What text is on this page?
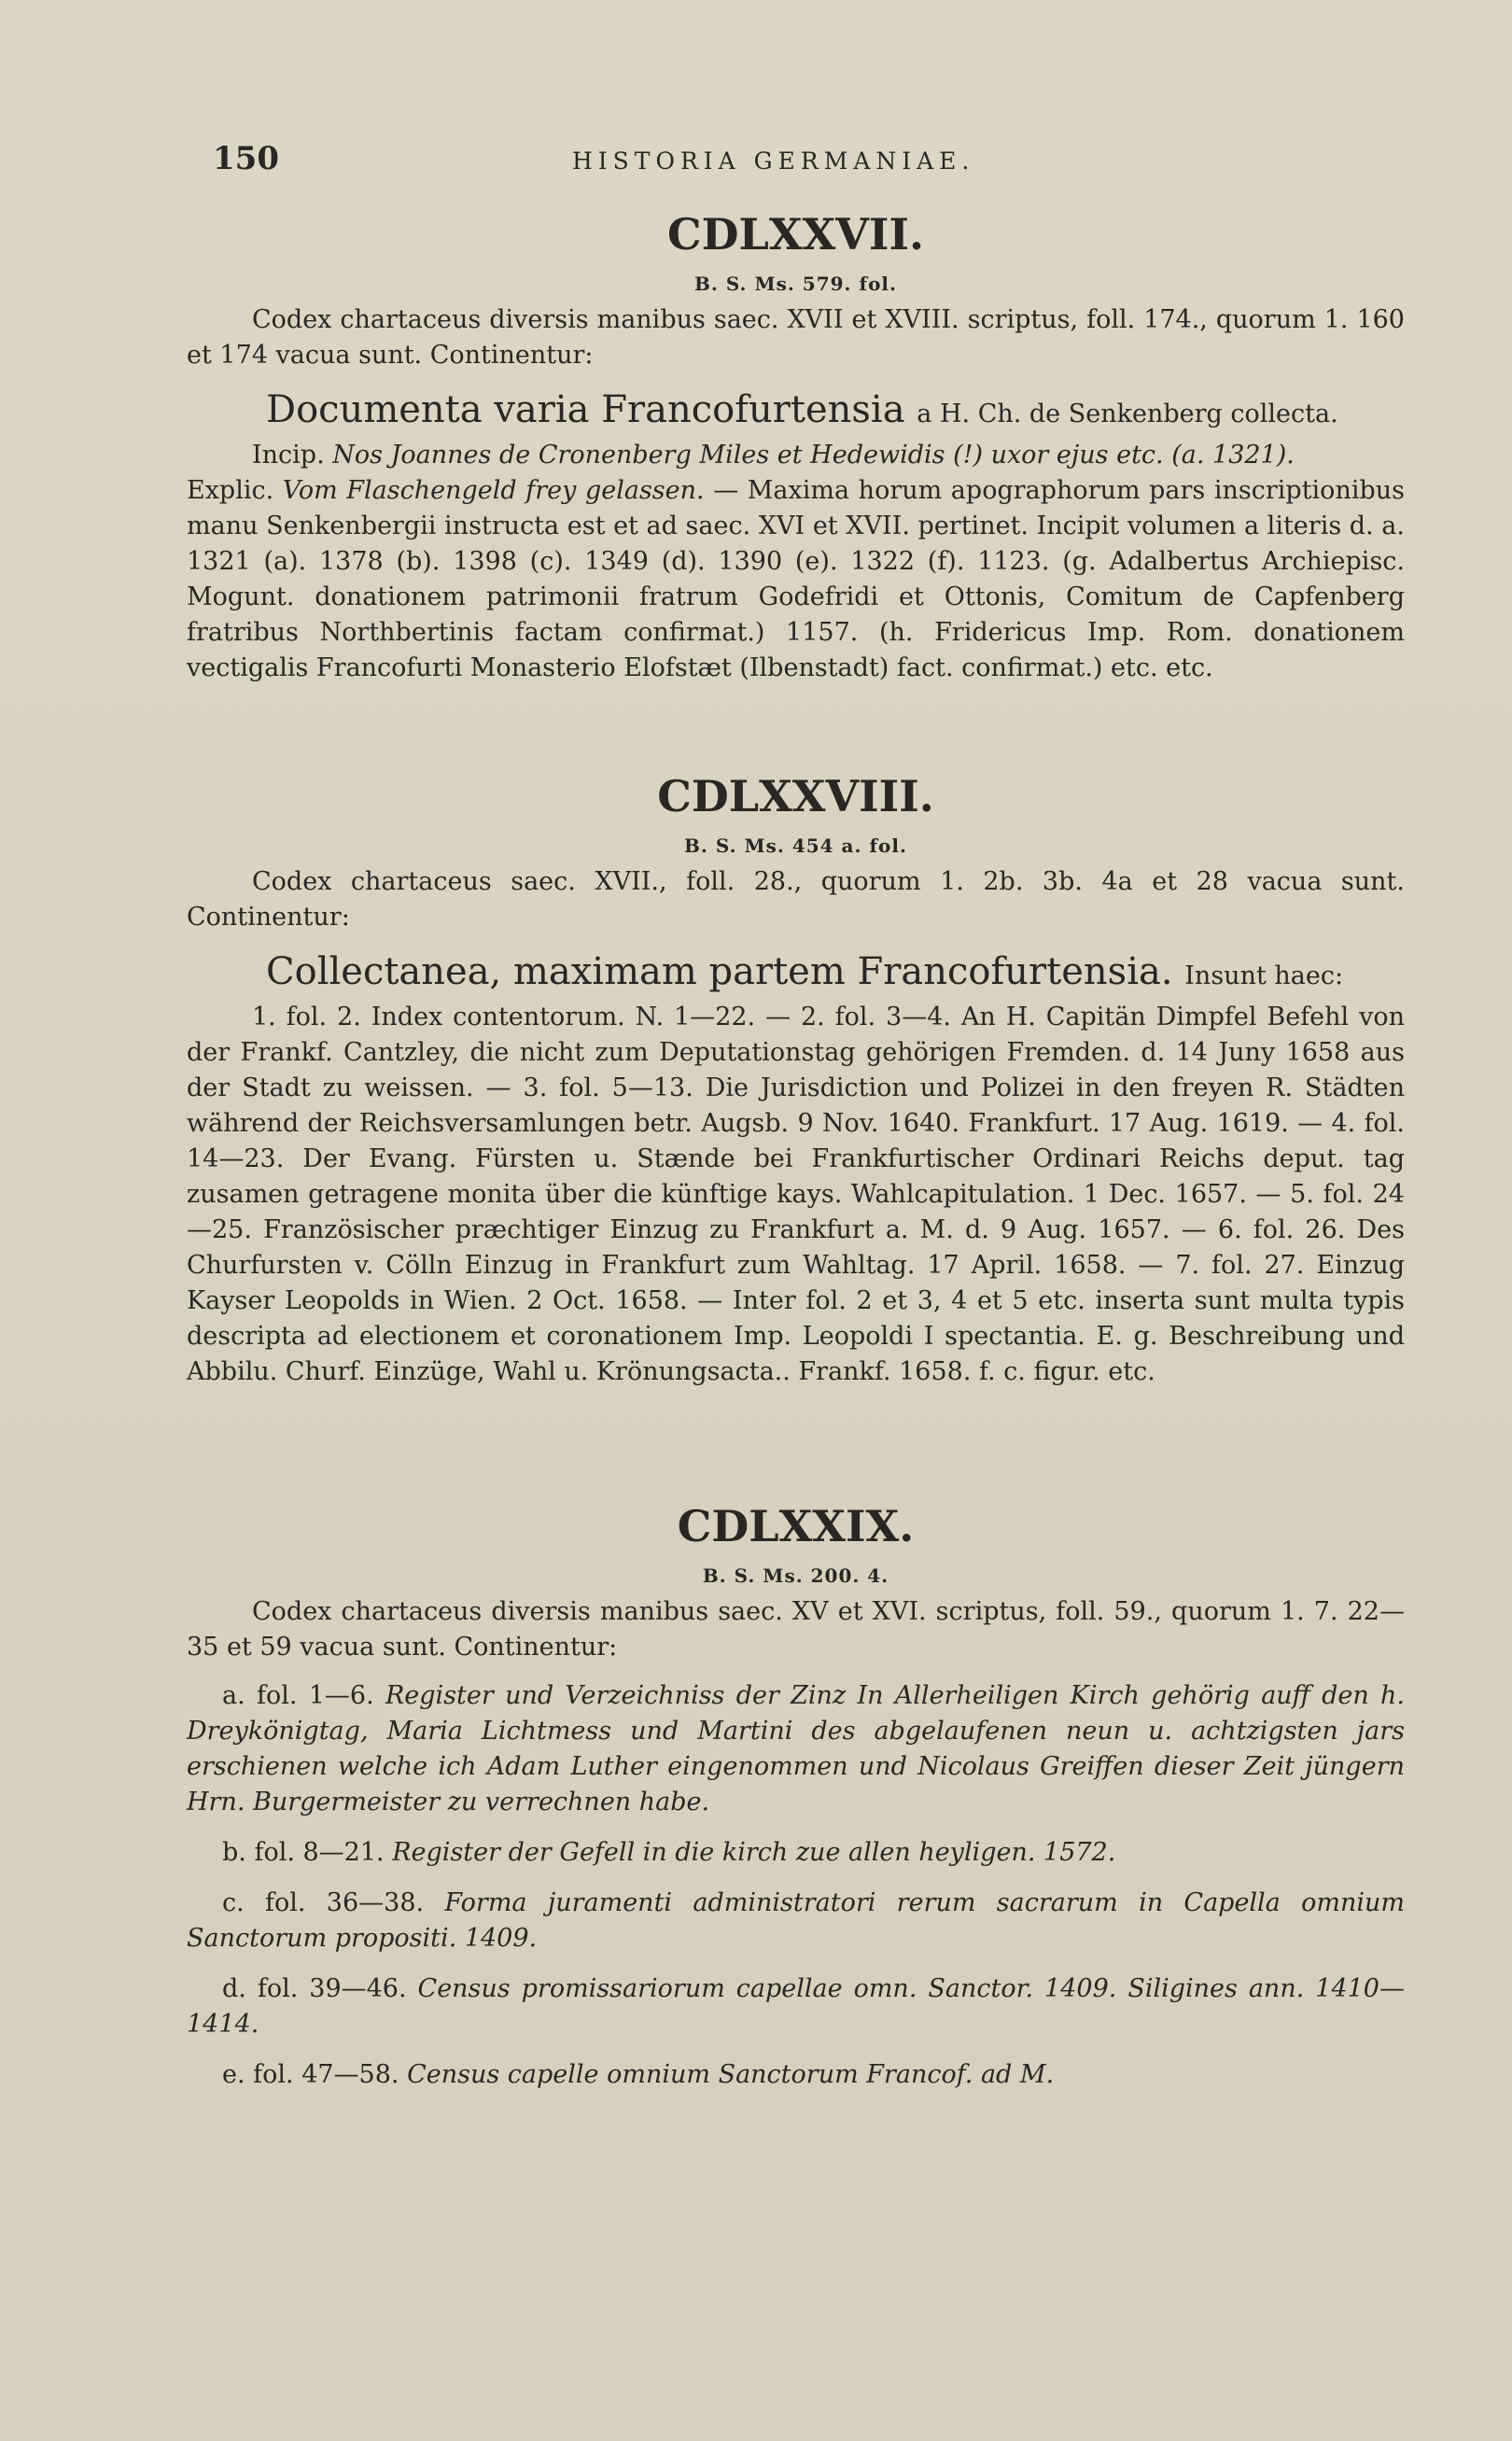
150	HISTORIA GERMANIAE.
CDLXXVII.
B. S. Ms. 579. fol.

Codex chartaceus diversis manibus saec. XVII et XVIII. scriptus, foll. 174., quorum 1. 160 et 174 vacua sunt. Continentur:

Documenta varia Francofurtensia a H. Ch. de Senkenberg collecta.

Incip. Nos Joannes de Cronenberg Miles et Hedewidis (!) uxor ejus etc. (a. 1321).

Explic. Vom Flaschengeld frey gelassen. — Maxima horum apographorum pars inscriptionibus manu Senkenbergii instructa est et ad saec. XVI et XVII. pertinet. Incipit volumen a literis d. a. 1321 (a). 1378 (b). 1398 (c). 1349 (d). 1390 (e). 1322 (f). 1123. (g. Adalbertus Archiepisc. Mogunt. donationem patrimonii fratrum Godefridi et Ottonis, Comitum de Capfenberg fratribus Northbertinis factam confirmat.) 1157. (h. Fridericus Imp. Rom. donationem vectigalis Francofurti Monasterio Elofstæt (Ilbenstadt) fact. confirmat.) etc. etc.

CDLXXVIII.
B. S. Ms. 454 a. fol.

Codex chartaceus saec. XVII., foll. 28., quorum 1. 2b. 3b. 4a et 28 vacua sunt. Continentur:

Collectanea, maximam partem Francofurtensia. Insunt haec:

1. fol. 2. Index contentorum. N. 1—22. — 2. fol. 3—4. An H. Capitän Dimpfel Befehl von der Frankf. Cantzley, die nicht zum Deputationstag gehörigen Fremden. d. 14 Juny 1658 aus der Stadt zu weissen. — 3. fol. 5—13. Die Jurisdiction und Polizei in den freyen R. Städten während der Reichsversamlungen betr. Augsb. 9 Nov. 1640. Frankfurt. 17 Aug. 1619. — 4. fol. 14—23. Der Evang. Fürsten u. Stænde bei Frankfurtischer Ordinari Reichs deput. tag zusamen getragene monita über die künftige kays. Wahlcapitulation. 1 Dec. 1657. — 5. fol. 24—25. Französischer præchtiger Einzug zu Frankfurt a. M. d. 9 Aug. 1657. — 6. fol. 26. Des Churfursten v. Cölln Einzug in Frankfurt zum Wahltag. 17 April. 1658. — 7. fol. 27. Einzug Kayser Leopolds in Wien. 2 Oct. 1658. — Inter fol. 2 et 3, 4 et 5 etc. inserta sunt multa typis descripta ad electionem et coronationem Imp. Leopoldi I spectantia. E. g. Beschreibung und Abbilu. Churf. Einzüge, Wahl u. Krönungsacta.. Frankf. 1658. f. c. figur. etc.

CDLXXIX.
B. S. Ms. 200. 4.

Codex chartaceus diversis manibus saec. XV et XVI. scriptus, foll. 59., quorum 1. 7. 22—35 et 59 vacua sunt. Continentur:

a. fol. 1—6. Register und Verzeichniss der Zinz In Allerheiligen Kirch gehörig auff den h. Dreykönigtag, Maria Lichtmess und Martini des abgelaufenen neun u. achtzigsten jars erschienen welche ich Adam Luther eingenommen und Nicolaus Greiffen dieser Zeit jüngern Hrn. Burgermeister zu verrechnen habe.

b. fol. 8—21. Register der Gefell in die kirch zue allen heyligen. 1572.

c. fol. 36—38. Forma juramenti administratori rerum sacrarum in Capella omnium Sanctorum propositi. 1409.

d. fol. 39—46. Census promissariorum capellae omn. Sanctor. 1409. Siligines ann. 1410—1414.

e. fol. 47—58. Census capelle omnium Sanctorum Francof. ad M.
